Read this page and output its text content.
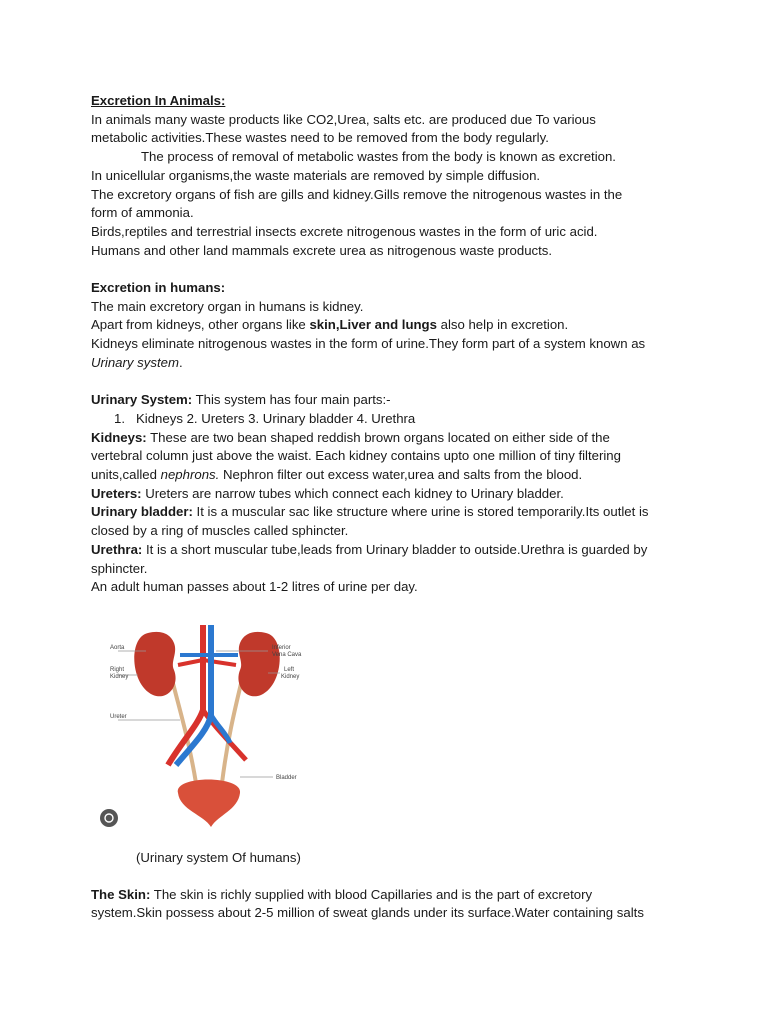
Excretion In Animals:

In animals many waste products like CO2,Urea, salts etc. are produced due To various

metabolic activities.These wastes need to be removed from the body regularly.

The process of removal of metabolic wastes from the body is known as excretion.

In unicellular organisms,the waste materials are removed by simple diffusion.

The excretory organs of fish are gills and kidney.Gills remove the nitrogenous wastes in the

form of ammonia.

Birds,reptiles and terrestrial insects excrete nitrogenous wastes in the form of uric acid.

Humans and other land mammals excrete urea as nitrogenous waste products.

Excretion in humans:

The main excretory organ in humans is kidney.

Apart from kidneys, other organs like skin,Liver and lungs also help in excretion.

Kidneys eliminate nitrogenous wastes in the form of urine.They form part of a system known as

Urinary system.

Urinary System: This system has four main parts:-

1. Kidneys 2. Ureters 3. Urinary bladder 4. Urethra

Kidneys: These are two bean shaped reddish brown organs located on either side of the

vertebral column just above the waist. Each kidney contains upto one million of tiny filtering

units,called nephrons. Nephron filter out excess water,urea and salts from the blood.

Ureters: Ureters are narrow tubes which connect each kidney to Urinary bladder.

Urinary bladder: It is a muscular sac like structure where urine is stored temporarily.Its outlet is

closed by a ring of muscles called sphincter.

Urethra: It is a short muscular tube,leads from Urinary bladder to outside.Urethra is guarded by

sphincter.

An adult human passes about 1-2 litres of urine per day.

Aorta
Right
Kidney
Ureter
Inferior
Vena Cava
Left
Kidney
Bladder

(Urinary system Of humans)

The Skin: The skin is richly supplied with blood Capillaries and is the part of excretory

system.Skin possess about 2-5 million of sweat glands under its surface.Water containing salts
